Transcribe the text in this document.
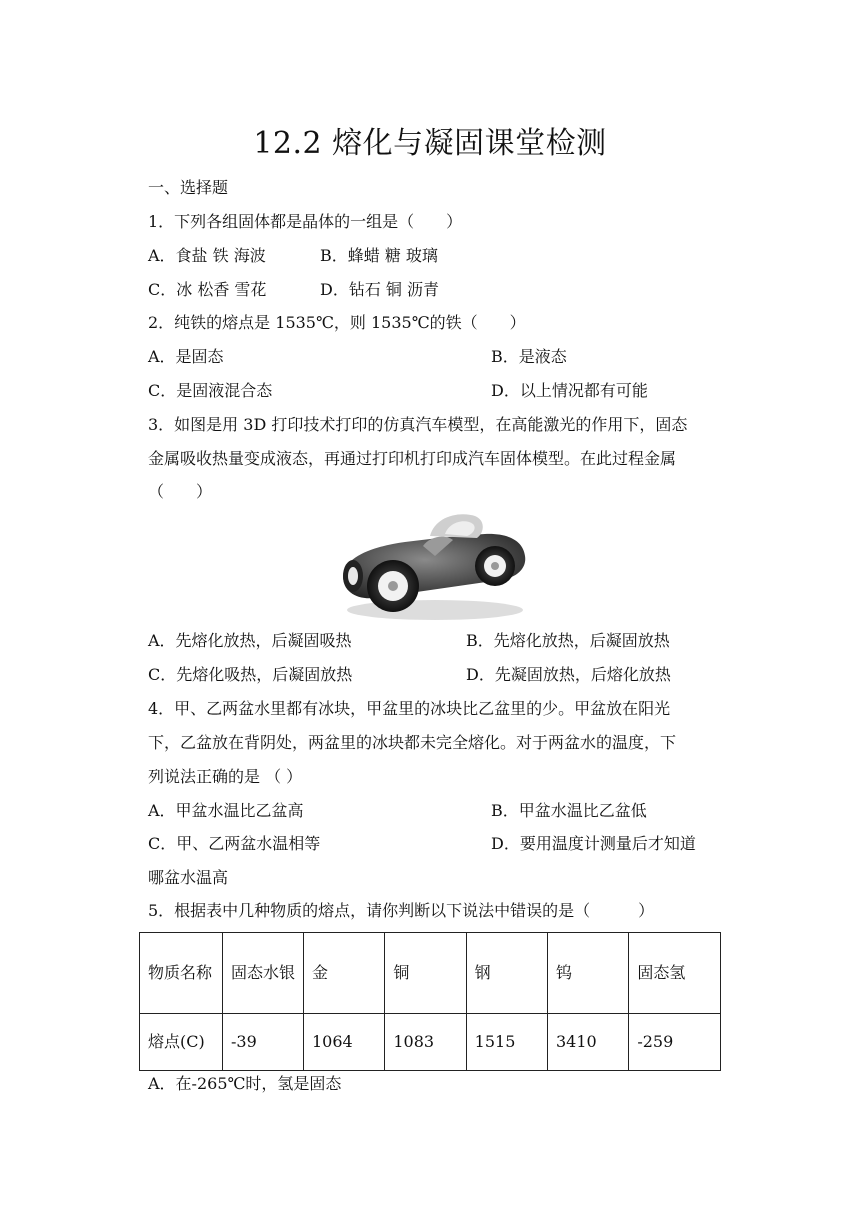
12.2 熔化与凝固课堂检测
一、选择题
1．下列各组固体都是晶体的一组是（　　）
A．食盐 铁 海波	B．蜂蜡 糖 玻璃
C．冰 松香 雪花	D．钻石 铜 沥青
2．纯铁的熔点是 1535℃，则 1535℃的铁（　　）
A．是固态	B．是液态
C．是固液混合态	D．以上情况都有可能
3．如图是用 3D 打印技术打印的仿真汽车模型，在高能激光的作用下，固态
金属吸收热量变成液态，再通过打印机打印成汽车固体模型。在此过程金属
（　　）
A．先熔化放热，后凝固吸热	B．先熔化放热，后凝固放热
C．先熔化吸热，后凝固放热	D．先凝固放热，后熔化放热
4．甲、乙两盆水里都有冰块，甲盆里的冰块比乙盆里的少。甲盆放在阳光
下，乙盆放在背阴处，两盆里的冰块都未完全熔化。对于两盆水的温度，下
列说法正确的是 （ ）
A．甲盆水温比乙盆高	B．甲盆水温比乙盆低
C．甲、乙两盆水温相等	D．要用温度计测量后才知道
哪盆水温高
5．根据表中几种物质的熔点，请你判断以下说法中错误的是（　　　）
物质名称	固态水银	金	铜	钢	钨	固态氢
熔点(C)	-39	1064	1083	1515	3410	-259
A．在-265℃时，氢是固态
